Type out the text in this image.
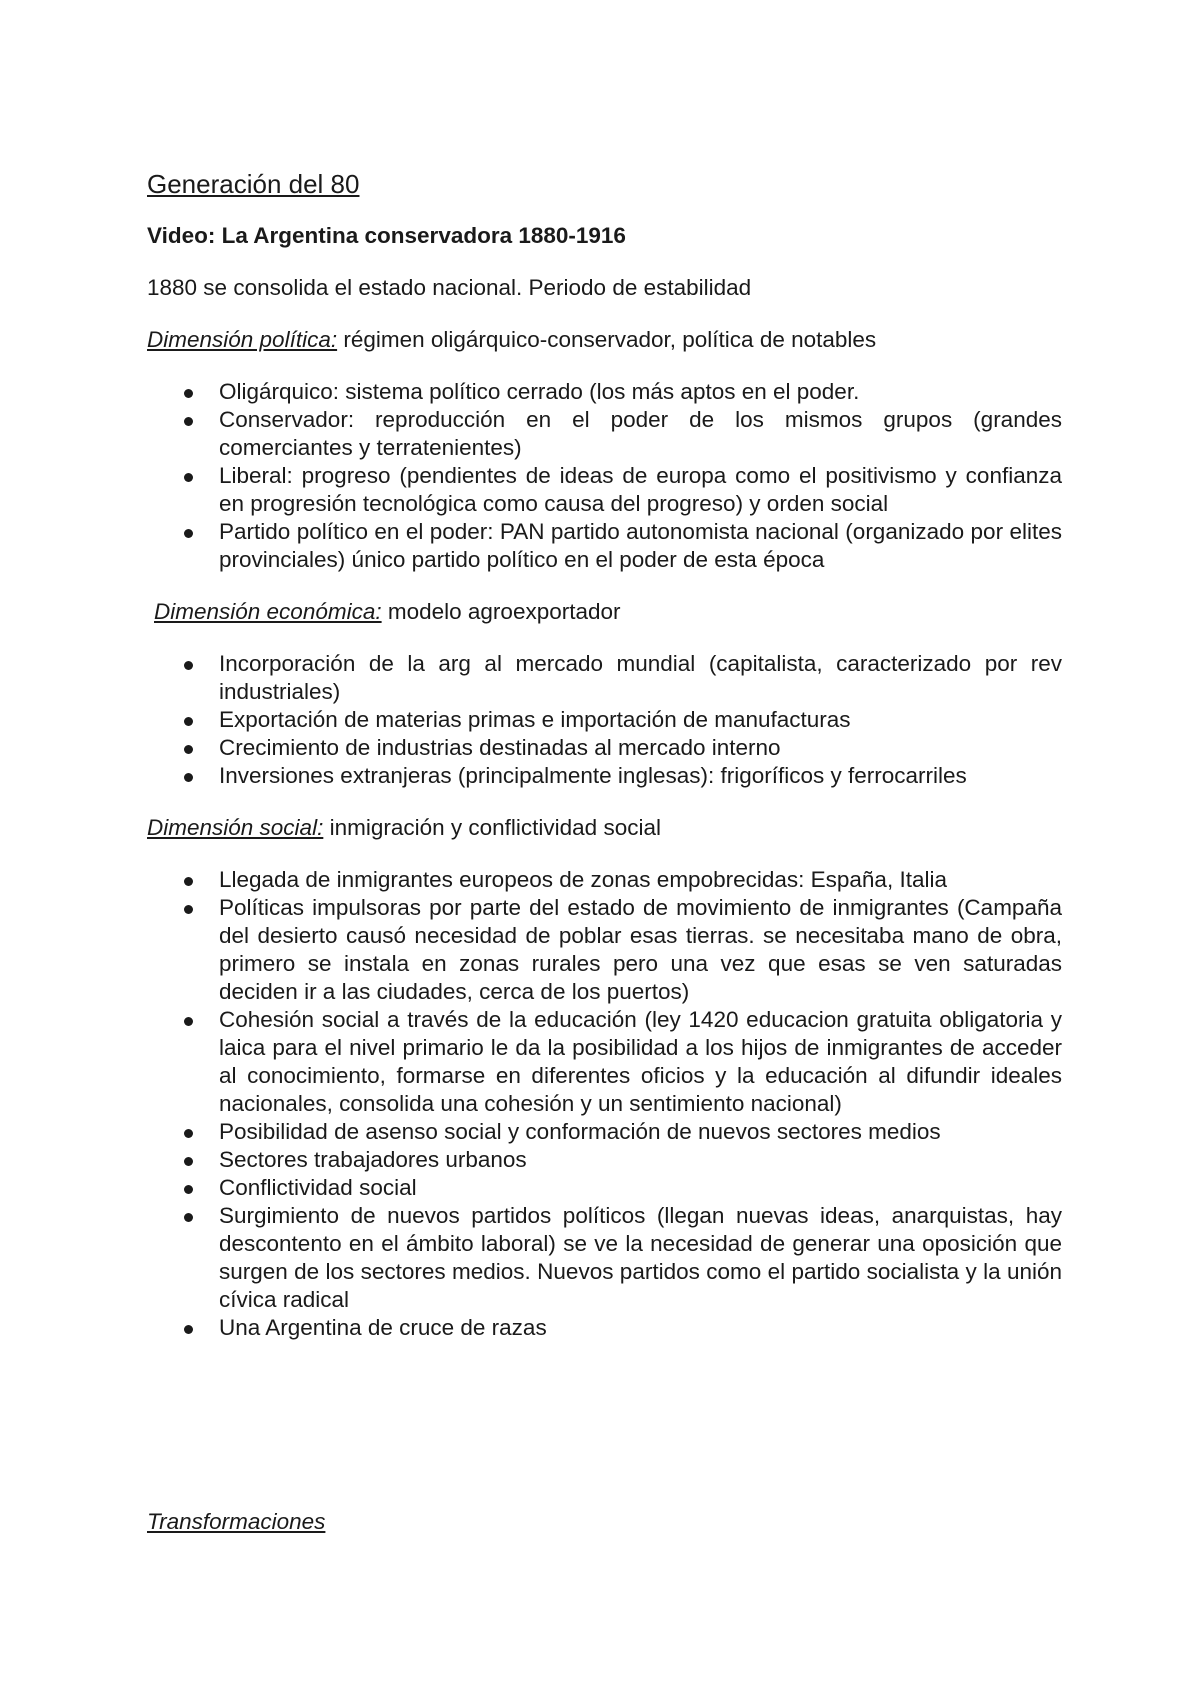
Generación del 80
Video: La Argentina conservadora 1880-1916
1880 se consolida el estado nacional. Periodo de estabilidad
Dimensión política: régimen oligárquico-conservador, política de notables
Oligárquico: sistema político cerrado (los más aptos en el poder.
Conservador: reproducción en el poder de los mismos grupos (grandes comerciantes y terratenientes)
Liberal: progreso (pendientes de ideas de europa como el positivismo y confianza en progresión tecnológica como causa del progreso) y orden social
Partido político en el poder: PAN partido autonomista nacional (organizado por elites provinciales) único partido político en el poder de esta época
Dimensión económica: modelo agroexportador
Incorporación de la arg al mercado mundial (capitalista, caracterizado por rev industriales)
Exportación de materias primas e importación de manufacturas
Crecimiento de industrias destinadas al mercado interno
Inversiones extranjeras (principalmente inglesas): frigoríficos y ferrocarriles
Dimensión social: inmigración y conflictividad social
Llegada de inmigrantes europeos de zonas empobrecidas: España, Italia
Políticas impulsoras por parte del estado de movimiento de inmigrantes (Campaña del desierto causó necesidad de poblar esas tierras. se necesitaba mano de obra, primero se instala en zonas rurales pero una vez que esas se ven saturadas deciden ir a las ciudades, cerca de los puertos)
Cohesión social a través de la educación (ley 1420 educacion gratuita obligatoria y laica para el nivel primario le da la posibilidad a los hijos de inmigrantes de acceder al conocimiento, formarse en diferentes oficios y la educación al difundir ideales nacionales, consolida una cohesión y un sentimiento nacional)
Posibilidad de asenso social y conformación de nuevos sectores medios
Sectores trabajadores urbanos
Conflictividad social
Surgimiento de nuevos partidos políticos (llegan nuevas ideas, anarquistas, hay descontento en el ámbito laboral) se ve la necesidad de generar una oposición que surgen de los sectores medios. Nuevos partidos como el partido socialista y la unión cívica radical
Una Argentina de cruce de razas
Transformaciones
